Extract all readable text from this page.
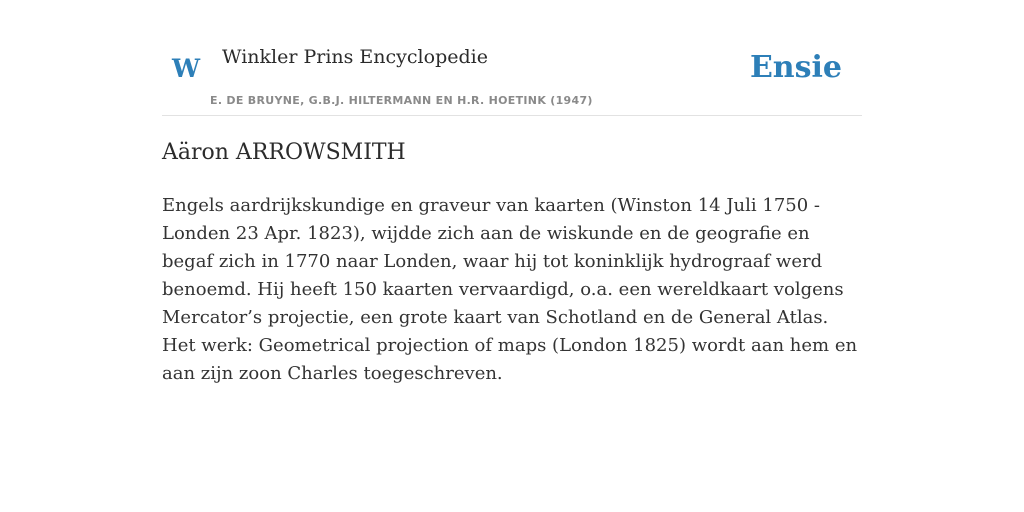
W Winkler Prins Encyclopedie
E. DE BRUYNE, G.B.J. HILTERMANN EN H.R. HOETINK (1947)
Ensie
Aäron ARROWSMITH

Engels aardrijkskundige en graveur van kaarten (Winston 14 Juli 1750 - Londen 23 Apr. 1823), wijdde zich aan de wiskunde en de geografie en begaf zich in 1770 naar Londen, waar hij tot koninklijk hydrograaf werd benoemd. Hij heeft 150 kaarten vervaardigd, o.a. een wereldkaart volgens Mercator’s projectie, een grote kaart van Schotland en de General Atlas. Het werk: Geometrical projection of maps (London 1825) wordt aan hem en aan zijn zoon Charles toegeschreven.
